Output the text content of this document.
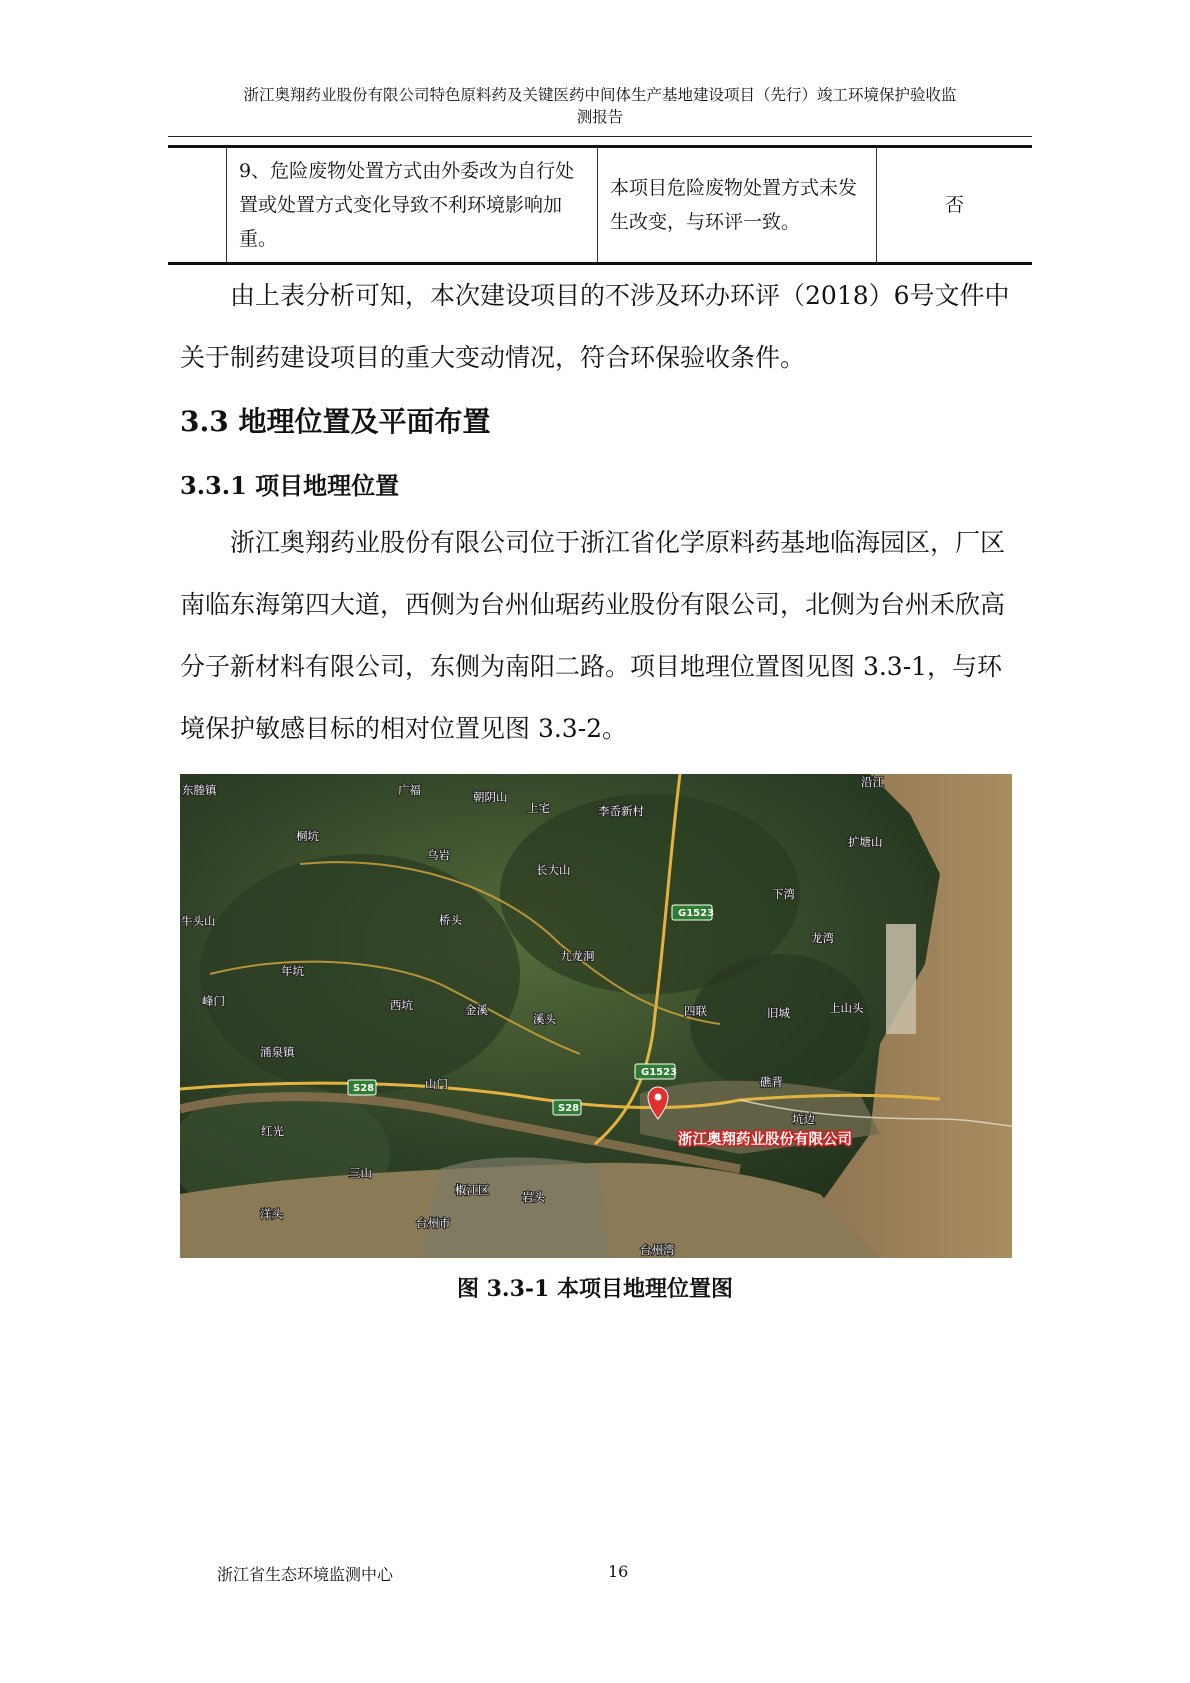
浙江奥翔药业股份有限公司特色原料药及关键医药中间体生产基地建设项目（先行）竣工环境保护验收监
测报告
	9、危险废物处置方式由外委改为自行处置或处置方式变化导致不利环境影响加重。	本项目危险废物处置方式未发生改变，与环评一致。	否
由上表分析可知，本次建设项目的不涉及环办环评（2018）6号文件中关于制药建设项目的重大变动情况，符合环保验收条件。
3.3 地理位置及平面布置
3.3.1 项目地理位置
浙江奥翔药业股份有限公司位于浙江省化学原料药基地临海园区，厂区南临东海第四大道，西侧为台州仙琚药业股份有限公司，北侧为台州禾欣高分子新材料有限公司，东侧为南阳二路。项目地理位置图见图 3.3-1，与环境保护敏感目标的相对位置见图 3.3-2。
G1523
G1523
S28
S28
东塍镇	广福	朝阴山
上宅	李岙新村
沿江
桐坑
乌岩
长大山
扩塘山
下湾
牛头山	桥头
九龙洞
龙湾
年坑
峰门	西坑	金溪
溪头
四联	旧城	上山头
涌泉镇
山门	礁背
坑边
红光
三山
椒江区	岩头
洋头
台州市
台州湾
浙江奥翔药业股份有限公司
图 3.3-1 本项目地理位置图
浙江省生态环境监测中心	16
